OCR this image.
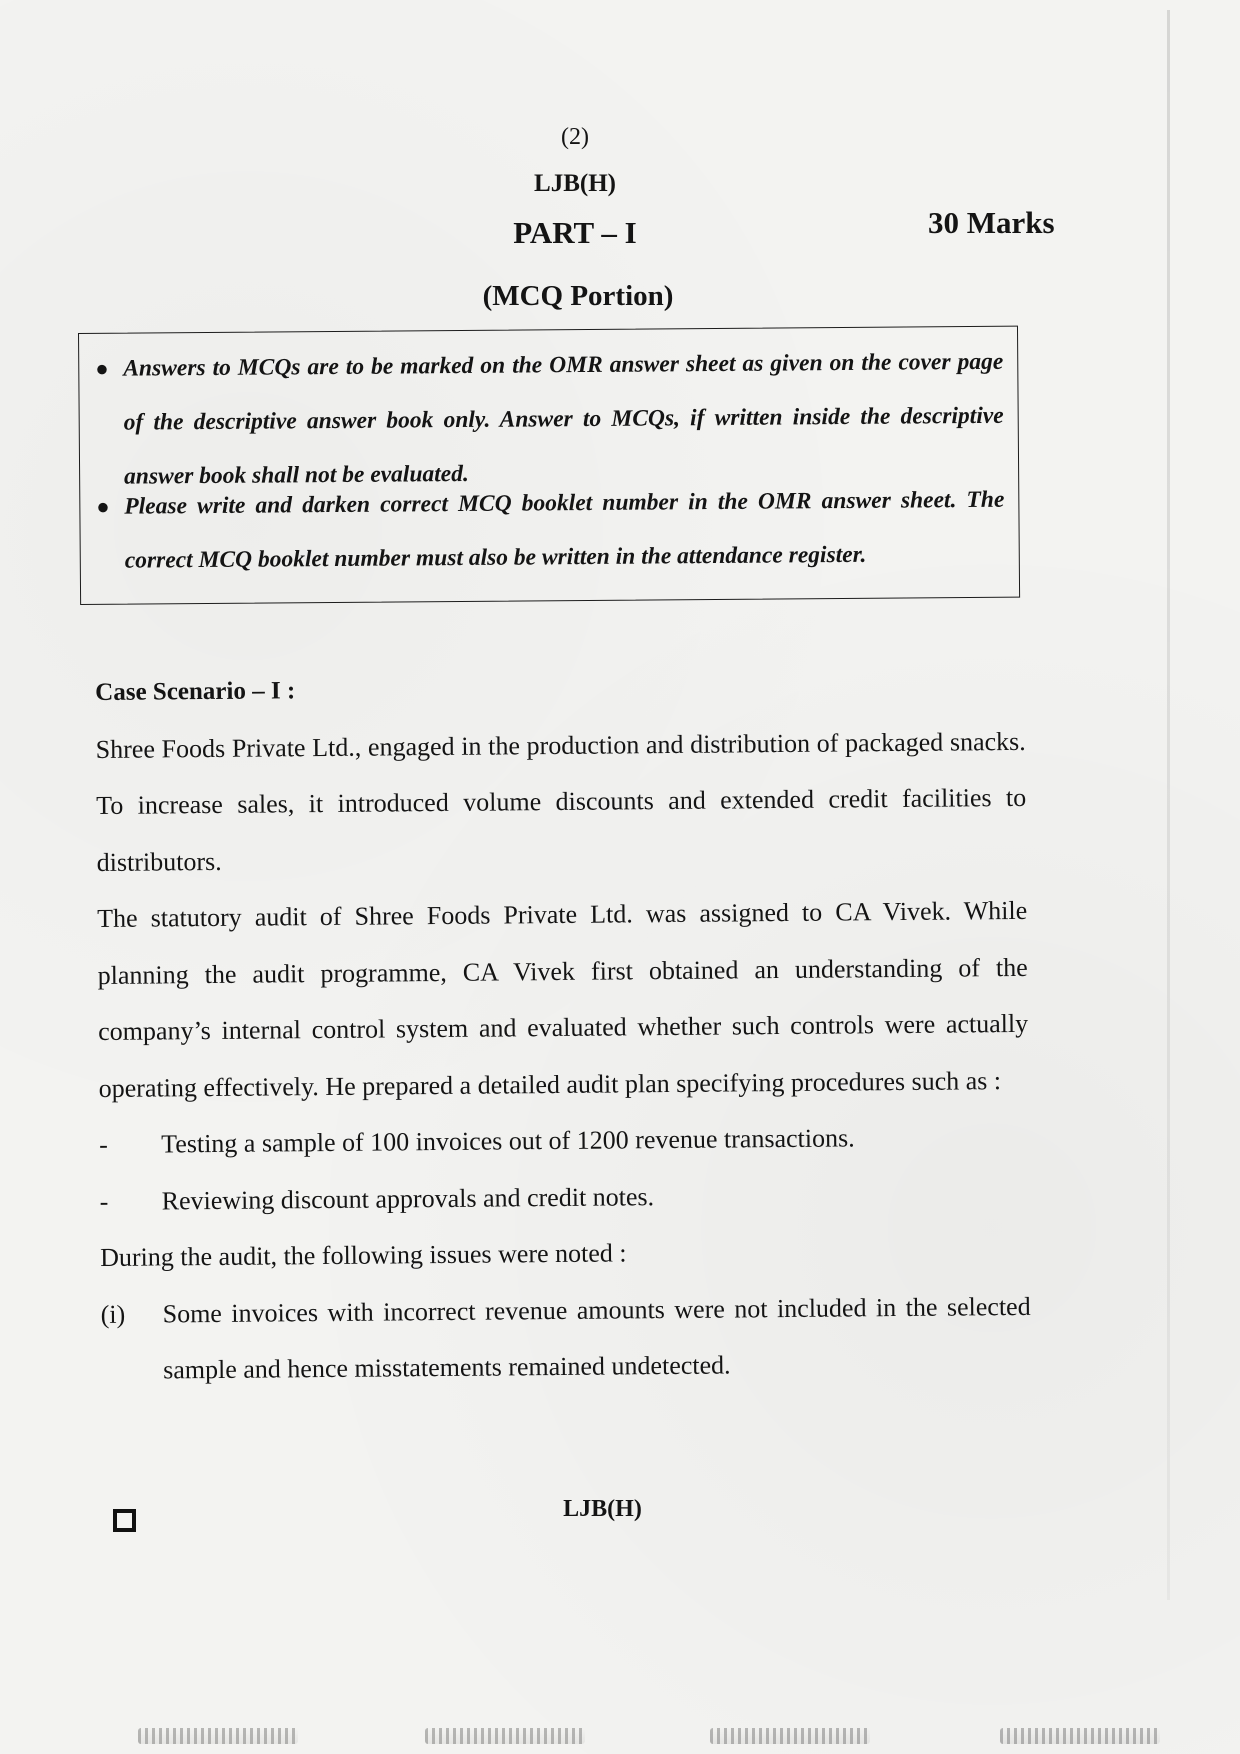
(2)
LJB(H)
PART – I	30 Marks
(MCQ Portion)
● Answers to MCQs are to be marked on the OMR answer sheet as given on the cover page of the descriptive answer book only. Answer to MCQs, if written inside the descriptive answer book shall not be evaluated.
● Please write and darken correct MCQ booklet number in the OMR answer sheet. The correct MCQ booklet number must also be written in the attendance register.
Case Scenario – I :
Shree Foods Private Ltd., engaged in the production and distribution of packaged snacks. To increase sales, it introduced volume discounts and extended credit facilities to distributors.
The statutory audit of Shree Foods Private Ltd. was assigned to CA Vivek. While planning the audit programme, CA Vivek first obtained an understanding of the company’s internal control system and evaluated whether such controls were actually operating effectively. He prepared a detailed audit plan specifying procedures such as :
-	Testing a sample of 100 invoices out of 1200 revenue transactions.
-	Reviewing discount approvals and credit notes.
During the audit, the following issues were noted :
(i)	Some invoices with incorrect revenue amounts were not included in the selected sample and hence misstatements remained undetected.
LJB(H)
